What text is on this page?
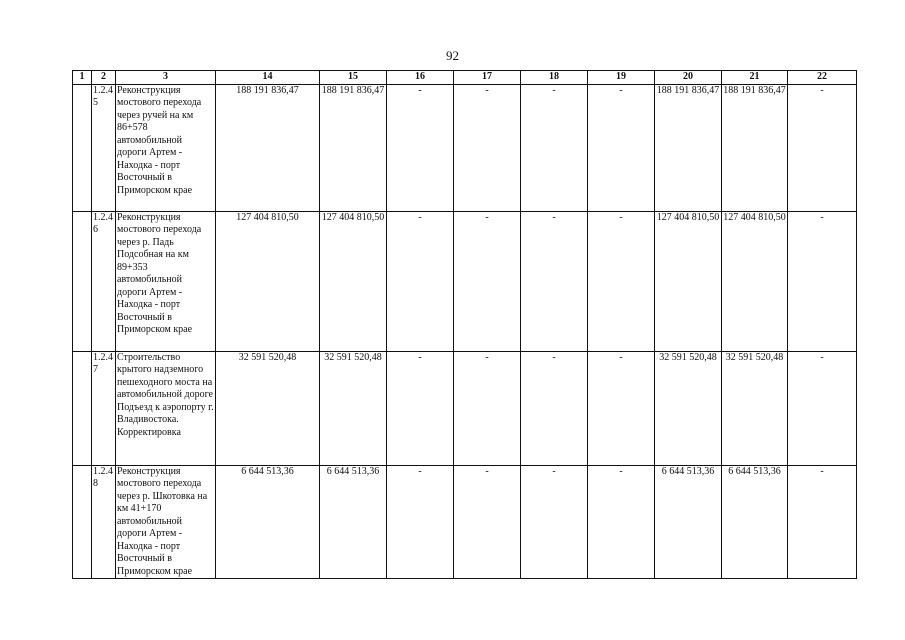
92
1	2	3	14	15	16	17	18	19	20	21	22
	1.2.4 5	Реконструкция мостового перехода через ручей на км 86+578 автомобильной дороги Артем - Находка - порт Восточный в Приморском крае	188 191 836,47	188 191 836,47	-	-	-	-	188 191 836,47	188 191 836,47	-
	1.2.4 6	Реконструкция мостового перехода через р. Падь Подсобная на км 89+353 автомобильной дороги Артем - Находка - порт Восточный в Приморском крае	127 404 810,50	127 404 810,50	-	-	-	-	127 404 810,50	127 404 810,50	-
	1.2.4 7	Строительство крытого надземного пешеходного моста на автомобильной дороге Подъезд к аэропорту г. Владивостока. Корректировка	32 591 520,48	32 591 520,48	-	-	-	-	32 591 520,48	32 591 520,48	-
	1.2.4 8	Реконструкция мостового перехода через р. Шкотовка на км 41+170 автомобильной дороги Артем - Находка - порт Восточный в Приморском крае	6 644 513,36	6 644 513,36	-	-	-	-	6 644 513,36	6 644 513,36	-
